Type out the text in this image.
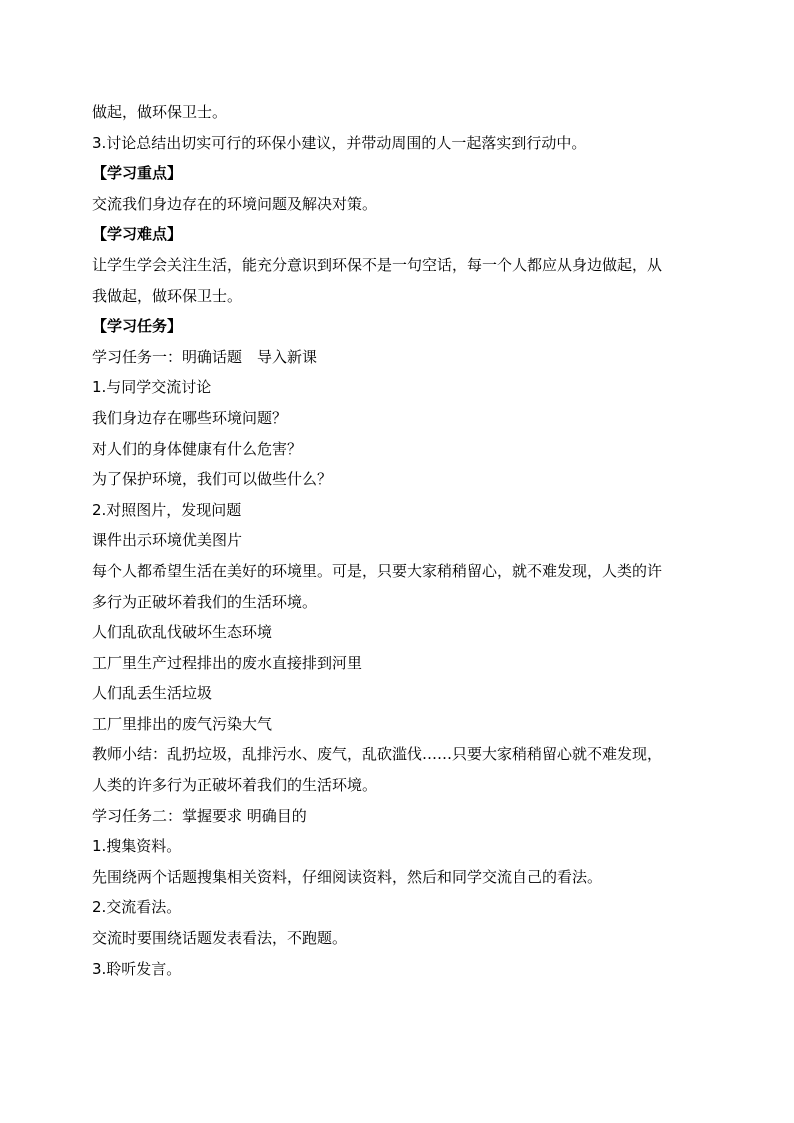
做起，做环保卫士。
3.讨论总结出切实可行的环保小建议，并带动周围的人一起落实到行动中。
【学习重点】
交流我们身边存在的环境问题及解决对策。
【学习难点】
让学生学会关注生活，能充分意识到环保不是一句空话，每一个人都应从身边做起，从
我做起，做环保卫士。
【学习任务】
学习任务一：明确话题　导入新课
1.与同学交流讨论
我们身边存在哪些环境问题？
对人们的身体健康有什么危害？
为了保护环境，我们可以做些什么？
2.对照图片，发现问题
课件出示环境优美图片
每个人都希望生活在美好的环境里。可是，只要大家稍稍留心，就不难发现，人类的许
多行为正破坏着我们的生活环境。
人们乱砍乱伐破坏生态环境
工厂里生产过程排出的废水直接排到河里
人们乱丢生活垃圾
工厂里排出的废气污染大气
教师小结：乱扔垃圾，乱排污水、废气，乱砍滥伐……只要大家稍稍留心就不难发现，
人类的许多行为正破坏着我们的生活环境。
学习任务二：掌握要求 明确目的
1.搜集资料。
先围绕两个话题搜集相关资料，仔细阅读资料，然后和同学交流自己的看法。
2.交流看法。
交流时要围绕话题发表看法，不跑题。
3.聆听发言。
